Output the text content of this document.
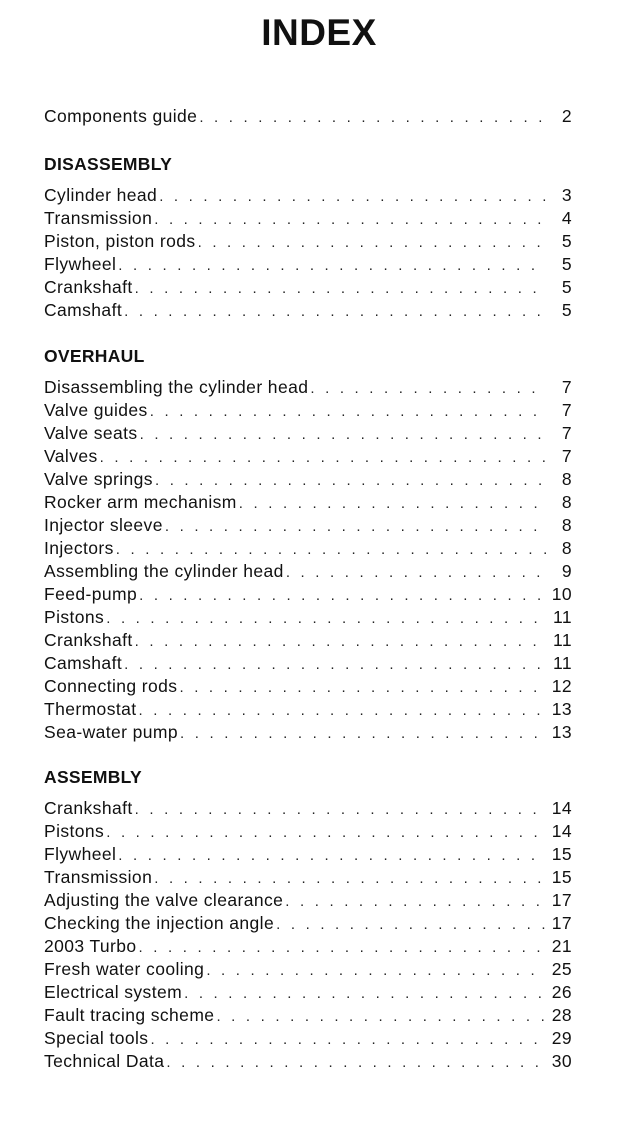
INDEX
Components guide . . .	2
DISASSEMBLY
Cylinder head . . .	3
Transmission . . .	4
Piston, piston rods . . .	5
Flywheel . . .	5
Crankshaft . . .	5
Camshaft . . .	5
OVERHAUL
Disassembling the cylinder head . . .	7
Valve guides . . .	7
Valve seats . . .	7
Valves . . .	7
Valve springs . . .	8
Rocker arm mechanism . . .	8
Injector sleeve . . .	8
Injectors . . .	8
Assembling the cylinder head . . .	9
Feed-pump . . .	10
Pistons . . .	11
Crankshaft . . .	11
Camshaft . . .	11
Connecting rods . . .	12
Thermostat . . .	13
Sea-water pump . . .	13
ASSEMBLY
Crankshaft . . .	14
Pistons . . .	14
Flywheel . . .	15
Transmission . . .	15
Adjusting the valve clearance . . .	17
Checking the injection angle . . .	17
2003 Turbo . . .	21
Fresh water cooling . . .	25
Electrical system . . .	26
Fault tracing scheme . . .	28
Special tools . . .	29
Technical Data . . .	30
